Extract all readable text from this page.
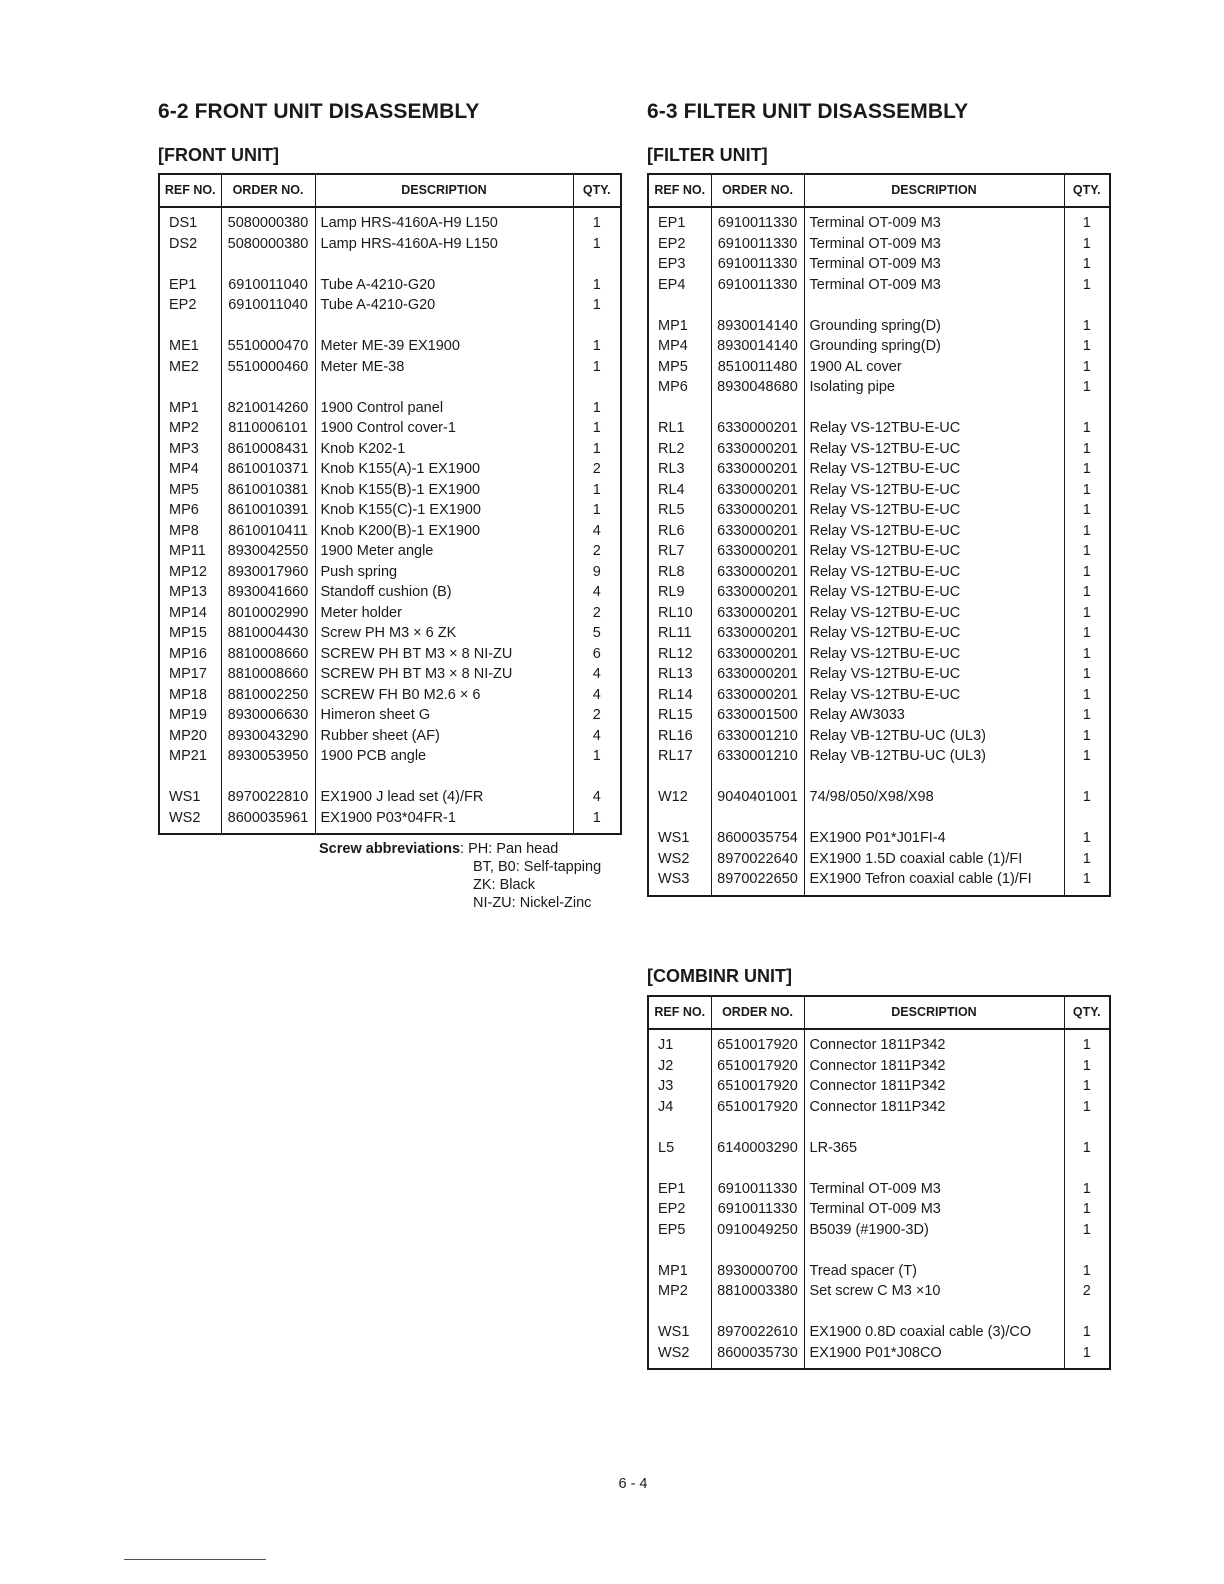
6-2 FRONT UNIT DISASSEMBLY	6-3 FILTER UNIT DISASSEMBLY
[FRONT UNIT]	[FILTER UNIT]
[COMBINR UNIT]
REF NO.	ORDER NO.	DESCRIPTION	QTY.

DS1	5080000380	Lamp HRS-4160A-H9 L150	1
DS2	5080000380	Lamp HRS-4160A-H9 L150	1

EP1	6910011040	Tube A-4210-G20	1
EP2	6910011040	Tube A-4210-G20	1

ME1	5510000470	Meter ME-39 EX1900	1
ME2	5510000460	Meter ME-38	1

MP1	8210014260	1900 Control panel	1
MP2	8110006101	1900 Control cover-1	1
MP3	8610008431	Knob K202-1	1
MP4	8610010371	Knob K155(A)-1 EX1900	2
MP5	8610010381	Knob K155(B)-1 EX1900	1
MP6	8610010391	Knob K155(C)-1 EX1900	1
MP8	8610010411	Knob K200(B)-1 EX1900	4
MP11	8930042550	1900 Meter angle	2
MP12	8930017960	Push spring	9
MP13	8930041660	Standoff cushion (B)	4
MP14	8010002990	Meter holder	2
MP15	8810004430	Screw PH M3 × 6 ZK	5
MP16	8810008660	SCREW PH BT M3 × 8 NI-ZU	6
MP17	8810008660	SCREW PH BT M3 × 8 NI-ZU	4
MP18	8810002250	SCREW FH B0 M2.6 × 6	4
MP19	8930006630	Himeron sheet G	2
MP20	8930043290	Rubber sheet (AF)	4
MP21	8930053950	1900 PCB angle	1

WS1	8970022810	EX1900 J lead set (4)/FR	4
WS2	8600035961	EX1900 P03*04FR-1	1

REF NO.	ORDER NO.	DESCRIPTION	QTY.

EP1	6910011330	Terminal OT-009 M3	1
EP2	6910011330	Terminal OT-009 M3	1
EP3	6910011330	Terminal OT-009 M3	1
EP4	6910011330	Terminal OT-009 M3	1

MP1	8930014140	Grounding spring(D)	1
MP4	8930014140	Grounding spring(D)	1
MP5	8510011480	1900 AL cover	1
MP6	8930048680	Isolating pipe	1

RL1	6330000201	Relay VS-12TBU-E-UC	1
RL2	6330000201	Relay VS-12TBU-E-UC	1
RL3	6330000201	Relay VS-12TBU-E-UC	1
RL4	6330000201	Relay VS-12TBU-E-UC	1
RL5	6330000201	Relay VS-12TBU-E-UC	1
RL6	6330000201	Relay VS-12TBU-E-UC	1
RL7	6330000201	Relay VS-12TBU-E-UC	1
RL8	6330000201	Relay VS-12TBU-E-UC	1
RL9	6330000201	Relay VS-12TBU-E-UC	1
RL10	6330000201	Relay VS-12TBU-E-UC	1
RL11	6330000201	Relay VS-12TBU-E-UC	1
RL12	6330000201	Relay VS-12TBU-E-UC	1
RL13	6330000201	Relay VS-12TBU-E-UC	1
RL14	6330000201	Relay VS-12TBU-E-UC	1
RL15	6330001500	Relay AW3033	1
RL16	6330001210	Relay VB-12TBU-UC (UL3)	1
RL17	6330001210	Relay VB-12TBU-UC (UL3)	1

W12	9040401001	74/98/050/X98/X98	1

WS1	8600035754	EX1900 P01*J01FI-4	1
WS2	8970022640	EX1900 1.5D coaxial cable (1)/FI	1
WS3	8970022650	EX1900 Tefron coaxial cable (1)/FI	1

REF NO.	ORDER NO.	DESCRIPTION	QTY.

J1	6510017920	Connector 1811P342	1
J2	6510017920	Connector 1811P342	1
J3	6510017920	Connector 1811P342	1
J4	6510017920	Connector 1811P342	1

L5	6140003290	LR-365	1

EP1	6910011330	Terminal OT-009 M3	1
EP2	6910011330	Terminal OT-009 M3	1
EP5	0910049250	B5039 (#1900-3D)	1

MP1	8930000700	Tread spacer (T)	1
MP2	8810003380	Set screw C M3 ×10	2

WS1	8970022610	EX1900 0.8D coaxial cable (3)/CO	1
WS2	8600035730	EX1900 P01*J08CO	1

Screw abbreviations: PH: Pan head
BT, B0: Self-tapping
ZK: Black
NI-ZU: Nickel-Zinc
6 - 4
